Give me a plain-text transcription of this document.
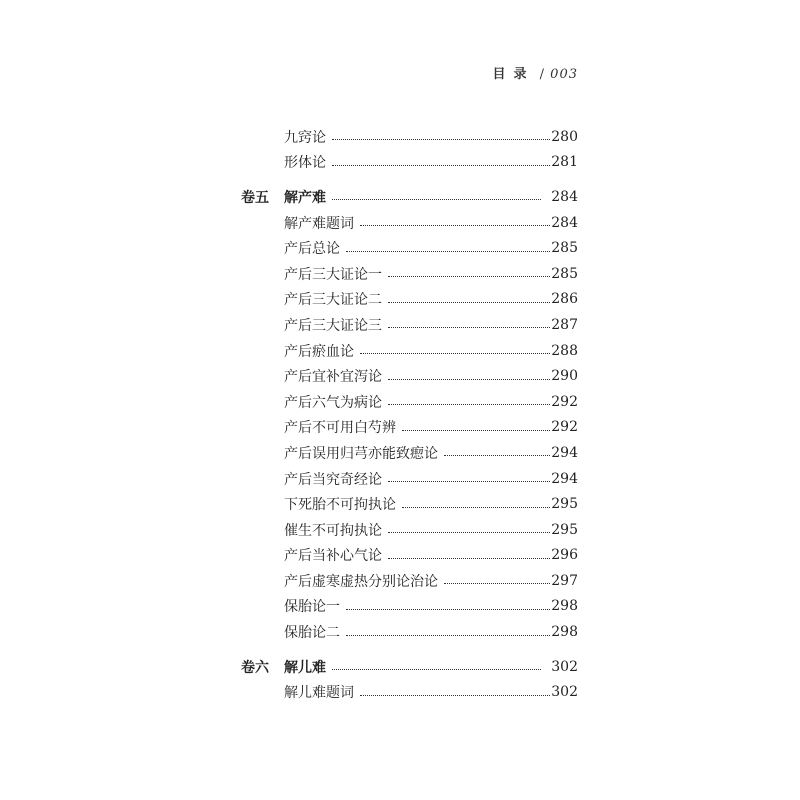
目录 / 003
九窍论	280
形体论	281
卷五 解产难	284
解产难题词	284
产后总论	285
产后三大证论一	285
产后三大证论二	286
产后三大证论三	287
产后瘀血论	288
产后宜补宜泻论	290
产后六气为病论	292
产后不可用白芍辨	292
产后误用归芎亦能致瘛论	294
产后当究奇经论	294
下死胎不可拘执论	295
催生不可拘执论	295
产后当补心气论	296
产后虚寒虚热分别论治论	297
保胎论一	298
保胎论二	298
卷六 解儿难	302
解儿难题词	302
